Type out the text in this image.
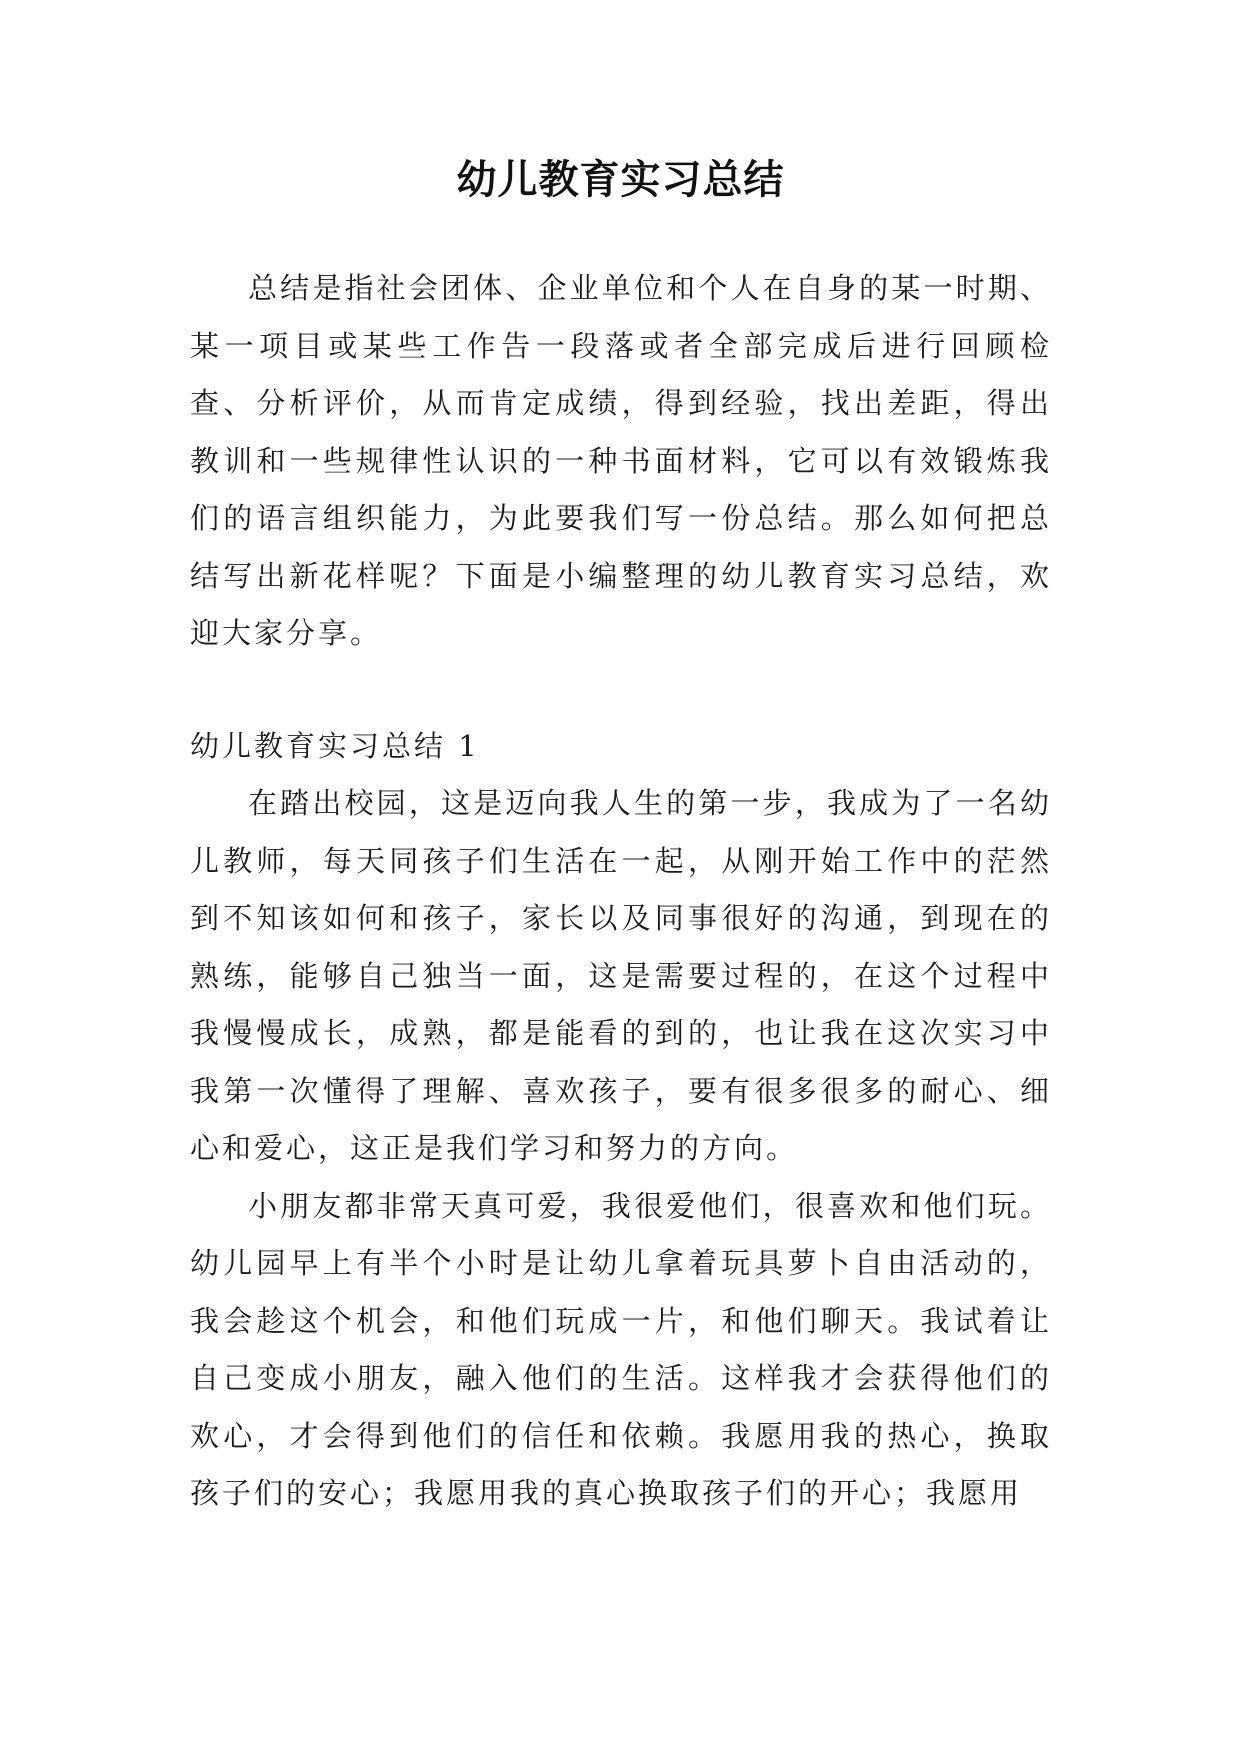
幼儿教育实习总结

总结是指社会团体、企业单位和个人在自身的某一时期、某一项目或某些工作告一段落或者全部完成后进行回顾检查、分析评价，从而肯定成绩，得到经验，找出差距，得出教训和一些规律性认识的一种书面材料，它可以有效锻炼我们的语言组织能力，为此要我们写一份总结。那么如何把总结写出新花样呢？下面是小编整理的幼儿教育实习总结，欢迎大家分享。

幼儿教育实习总结 1

在踏出校园，这是迈向我人生的第一步，我成为了一名幼儿教师，每天同孩子们生活在一起，从刚开始工作中的茫然到不知该如何和孩子，家长以及同事很好的沟通，到现在的熟练，能够自己独当一面，这是需要过程的，在这个过程中我慢慢成长，成熟，都是能看的到的，也让我在这次实习中我第一次懂得了理解、喜欢孩子，要有很多很多的耐心、细心和爱心，这正是我们学习和努力的方向。

小朋友都非常天真可爱，我很爱他们，很喜欢和他们玩。幼儿园早上有半个小时是让幼儿拿着玩具萝卜自由活动的，我会趁这个机会，和他们玩成一片，和他们聊天。我试着让自己变成小朋友，融入他们的生活。这样我才会获得他们的欢心，才会得到他们的信任和依赖。我愿用我的热心，换取孩子们的安心；我愿用我的真心换取孩子们的开心；我愿用
